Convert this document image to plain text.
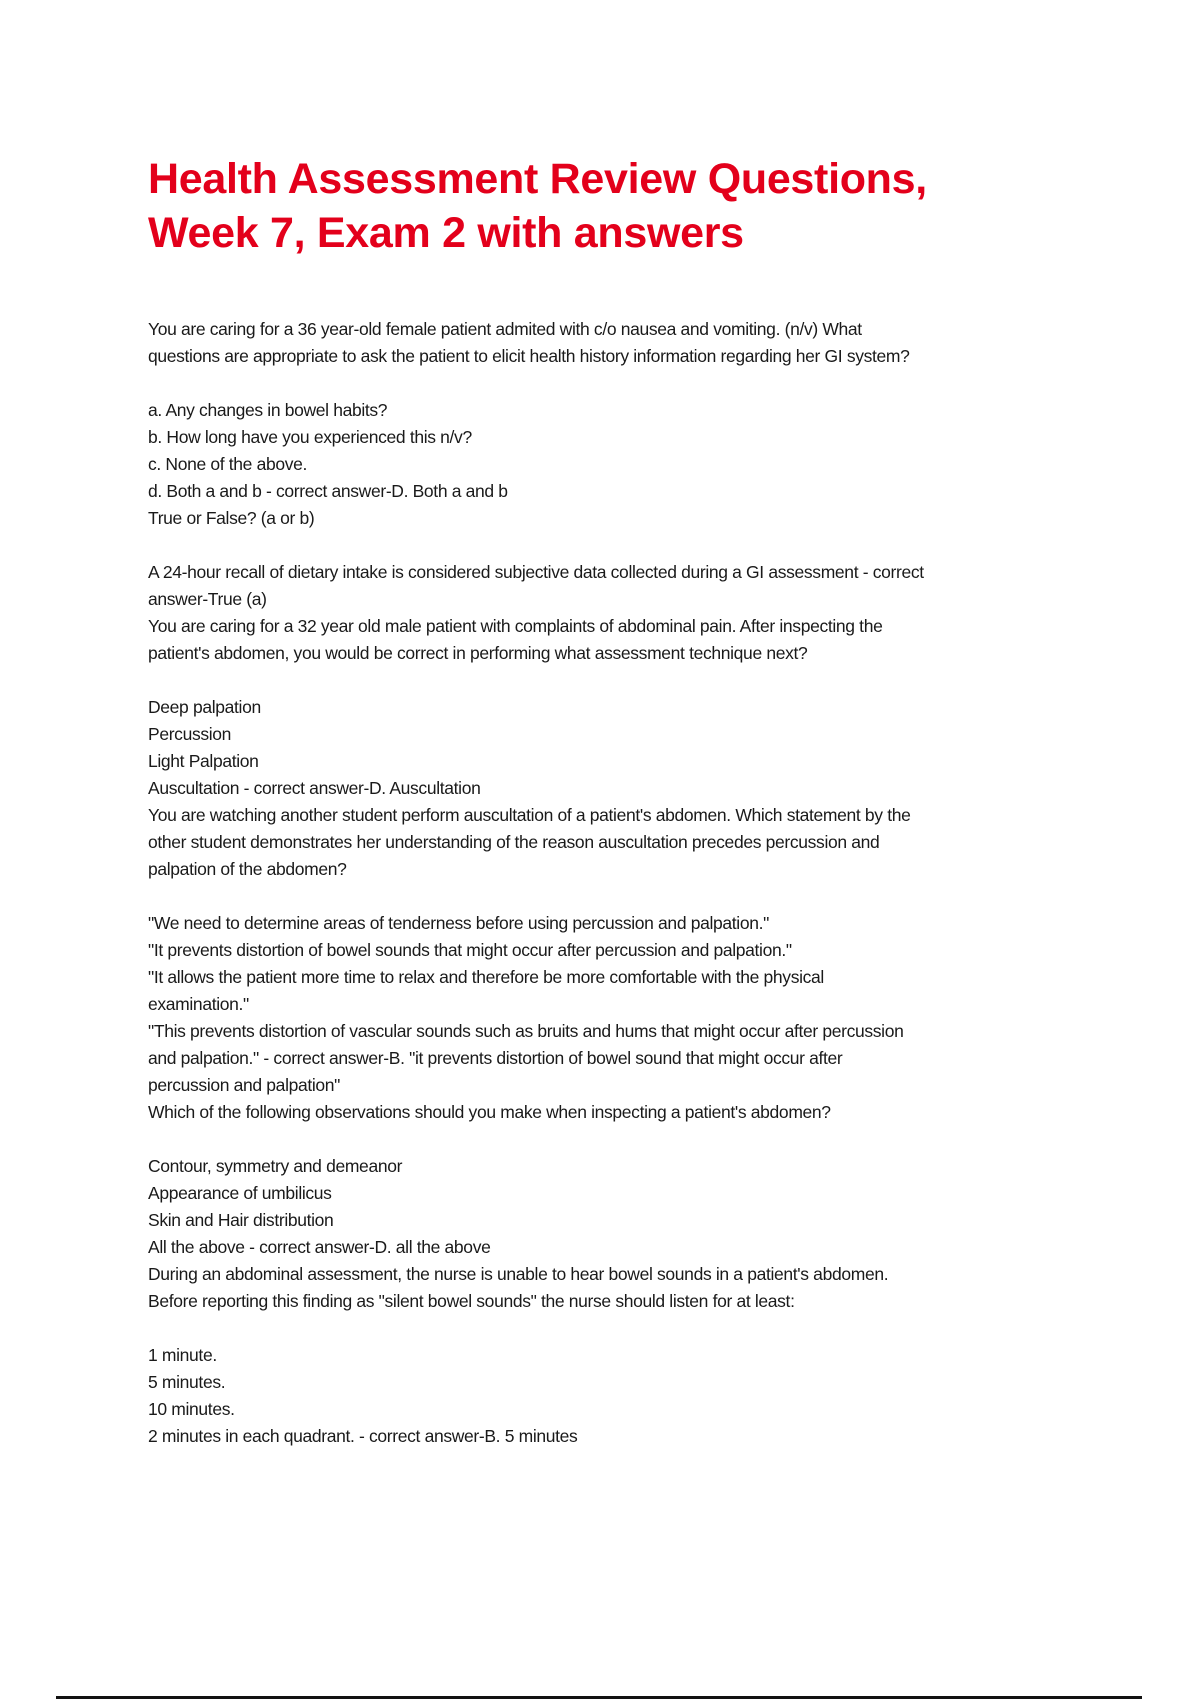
Health Assessment Review Questions,
Week 7, Exam 2 with answers
You are caring for a 36 year-old female patient admited with c/o nausea and vomiting. (n/v) What
questions are appropriate to ask the patient to elicit health history information regarding her GI system?
a. Any changes in bowel habits?
b. How long have you experienced this n/v?
c. None of the above.
d. Both a and b - correct answer-D. Both a and b
True or False? (a or b)
A 24-hour recall of dietary intake is considered subjective data collected during a GI assessment - correct
answer-True (a)
You are caring for a 32 year old male patient with complaints of abdominal pain. After inspecting the
patient's abdomen, you would be correct in performing what assessment technique next?
Deep palpation
Percussion
Light Palpation
Auscultation - correct answer-D. Auscultation
You are watching another student perform auscultation of a patient's abdomen. Which statement by the
other student demonstrates her understanding of the reason auscultation precedes percussion and
palpation of the abdomen?
"We need to determine areas of tenderness before using percussion and palpation."
"It prevents distortion of bowel sounds that might occur after percussion and palpation."
"It allows the patient more time to relax and therefore be more comfortable with the physical
examination."
"This prevents distortion of vascular sounds such as bruits and hums that might occur after percussion
and palpation." - correct answer-B. "it prevents distortion of bowel sound that might occur after
percussion and palpation"
Which of the following observations should you make when inspecting a patient's abdomen?
Contour, symmetry and demeanor
Appearance of umbilicus
Skin and Hair distribution
All the above - correct answer-D. all the above
During an abdominal assessment, the nurse is unable to hear bowel sounds in a patient's abdomen.
Before reporting this finding as "silent bowel sounds" the nurse should listen for at least:
1 minute.
5 minutes.
10 minutes.
2 minutes in each quadrant. - correct answer-B. 5 minutes
